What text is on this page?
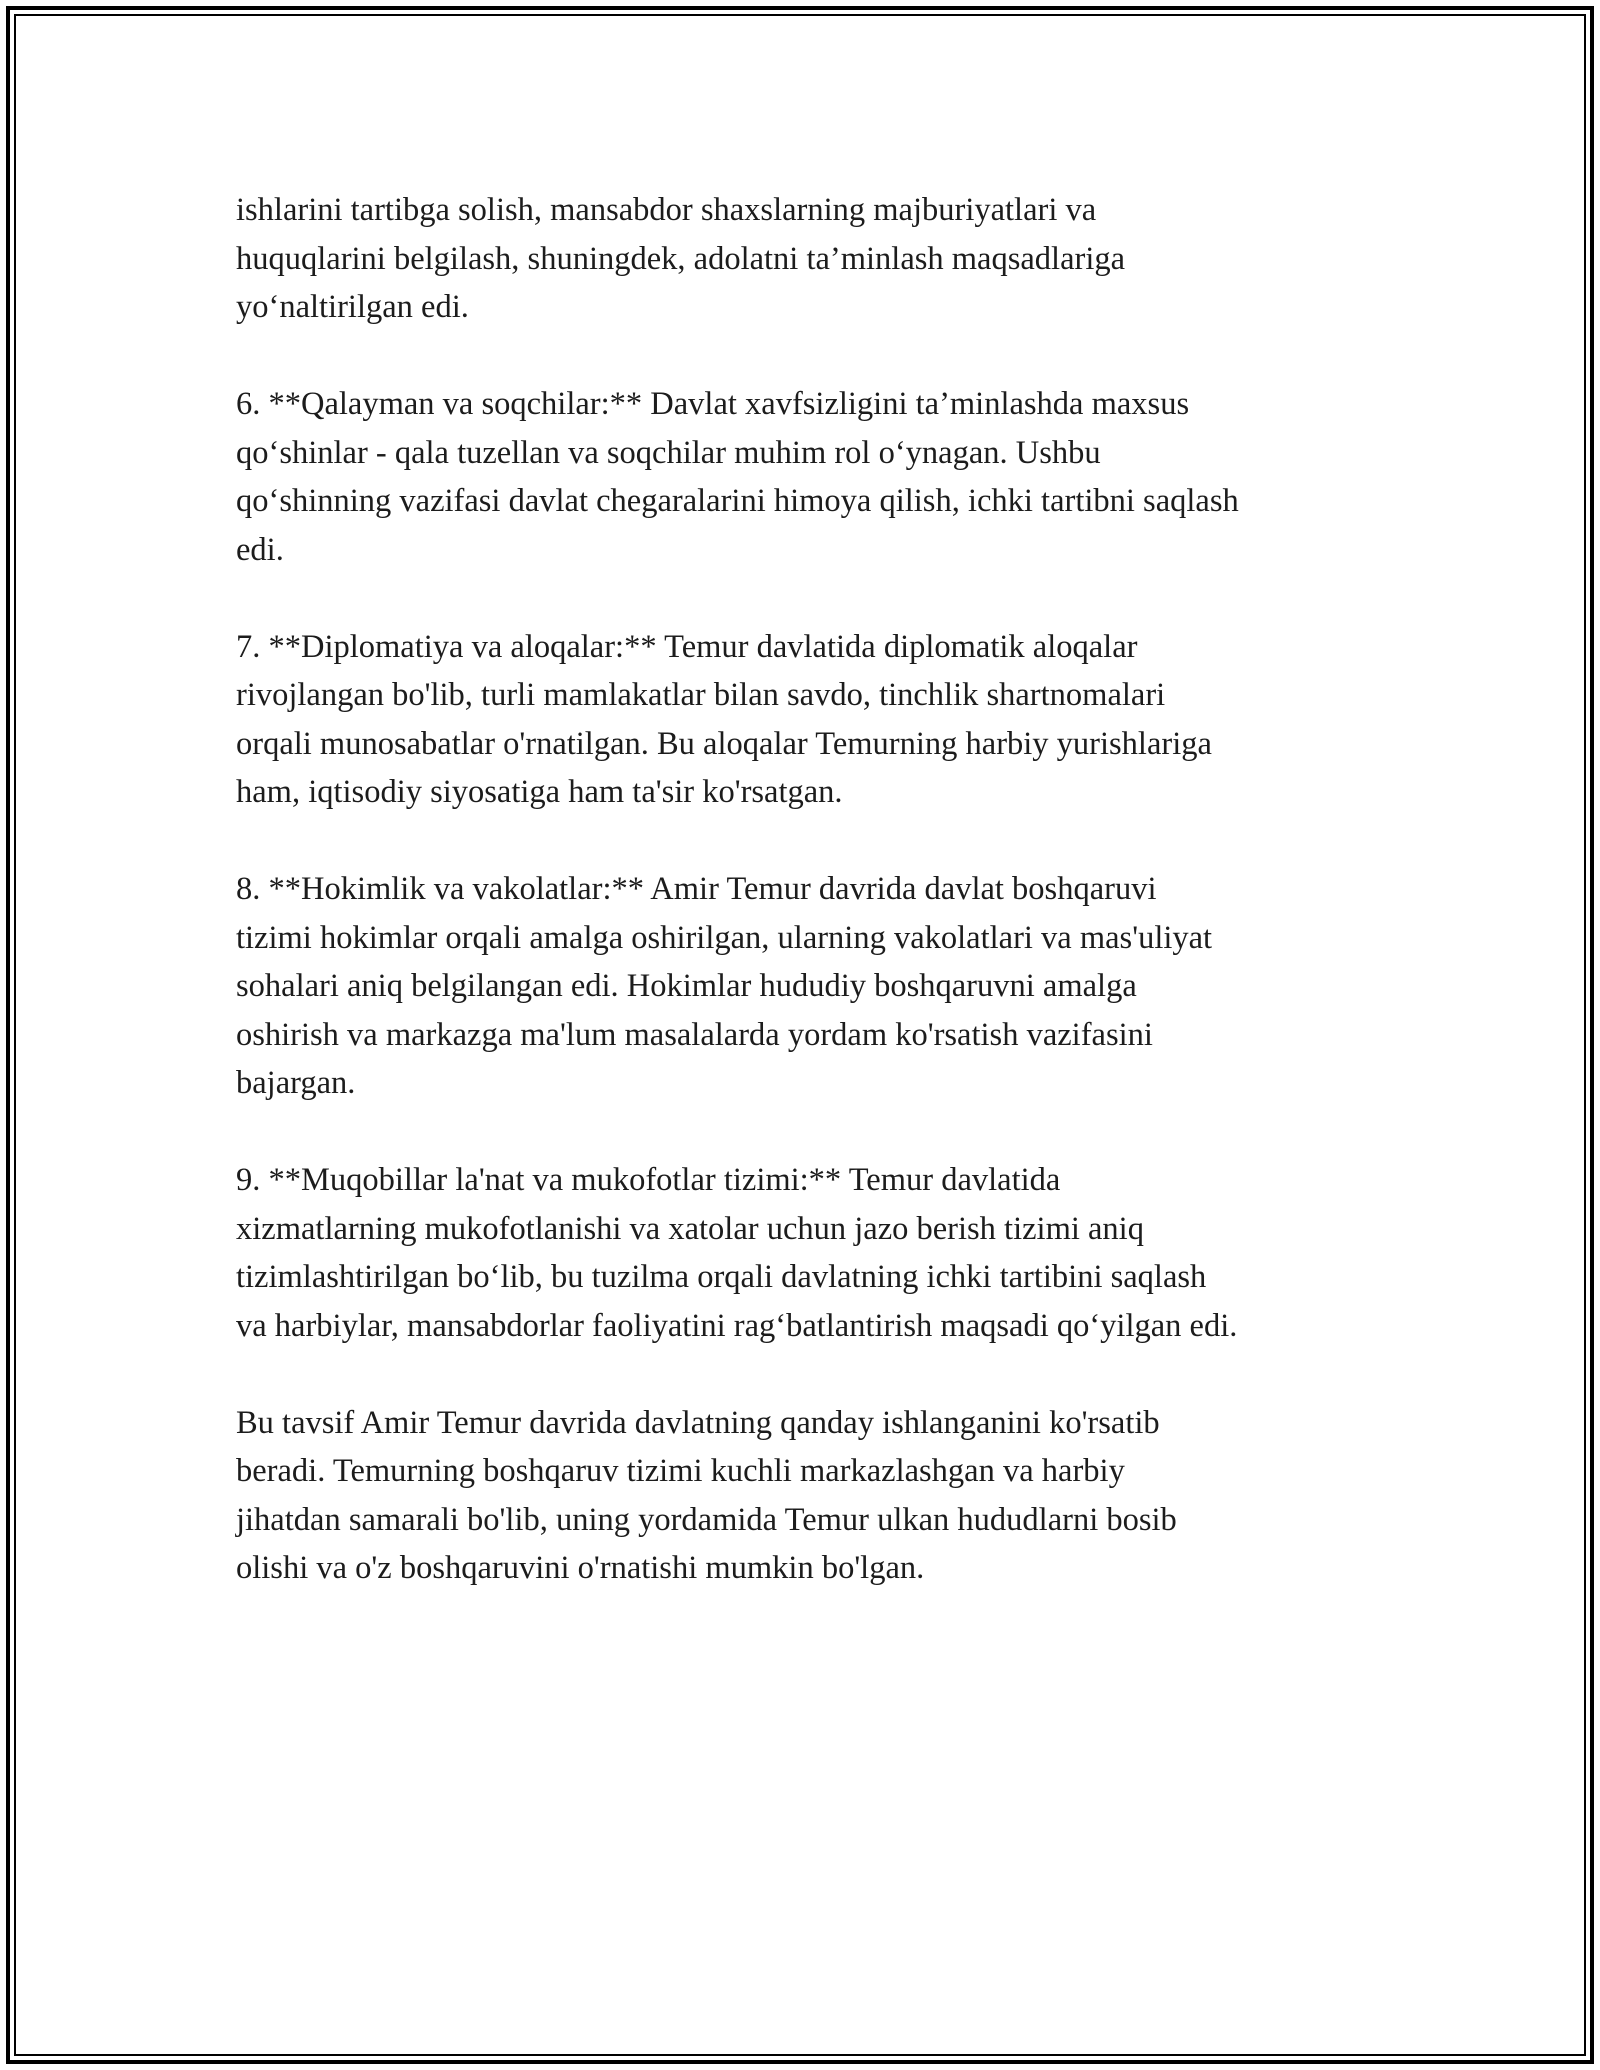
ishlarini tartibga solish, mansabdor shaxslarning majburiyatlari va
huquqlarini belgilash, shuningdek, adolatni ta’minlash maqsadlariga
yo‘naltirilgan edi.

6. **Qalayman va soqchilar:** Davlat xavfsizligini ta’minlashda maxsus
qo‘shinlar - qala tuzellan va soqchilar muhim rol o‘ynagan. Ushbu
qo‘shinning vazifasi davlat chegaralarini himoya qilish, ichki tartibni saqlash
edi.

7. **Diplomatiya va aloqalar:** Temur davlatida diplomatik aloqalar
rivojlangan bo'lib, turli mamlakatlar bilan savdo, tinchlik shartnomalari
orqali munosabatlar o'rnatilgan. Bu aloqalar Temurning harbiy yurishlariga
ham, iqtisodiy siyosatiga ham ta'sir ko'rsatgan.

8. **Hokimlik va vakolatlar:** Amir Temur davrida davlat boshqaruvi
tizimi hokimlar orqali amalga oshirilgan, ularning vakolatlari va mas'uliyat
sohalari aniq belgilangan edi. Hokimlar hududiy boshqaruvni amalga
oshirish va markazga ma'lum masalalarda yordam ko'rsatish vazifasini
bajargan.

9. **Muqobillar la'nat va mukofotlar tizimi:** Temur davlatida
xizmatlarning mukofotlanishi va xatolar uchun jazo berish tizimi aniq
tizimlashtirilgan bo‘lib, bu tuzilma orqali davlatning ichki tartibini saqlash
va harbiylar, mansabdorlar faoliyatini rag‘batlantirish maqsadi qo‘yilgan edi.

Bu tavsif Amir Temur davrida davlatning qanday ishlanganini ko'rsatib
beradi. Temurning boshqaruv tizimi kuchli markazlashgan va harbiy
jihatdan samarali bo'lib, uning yordamida Temur ulkan hududlarni bosib
olishi va o'z boshqaruvini o'rnatishi mumkin bo'lgan.
